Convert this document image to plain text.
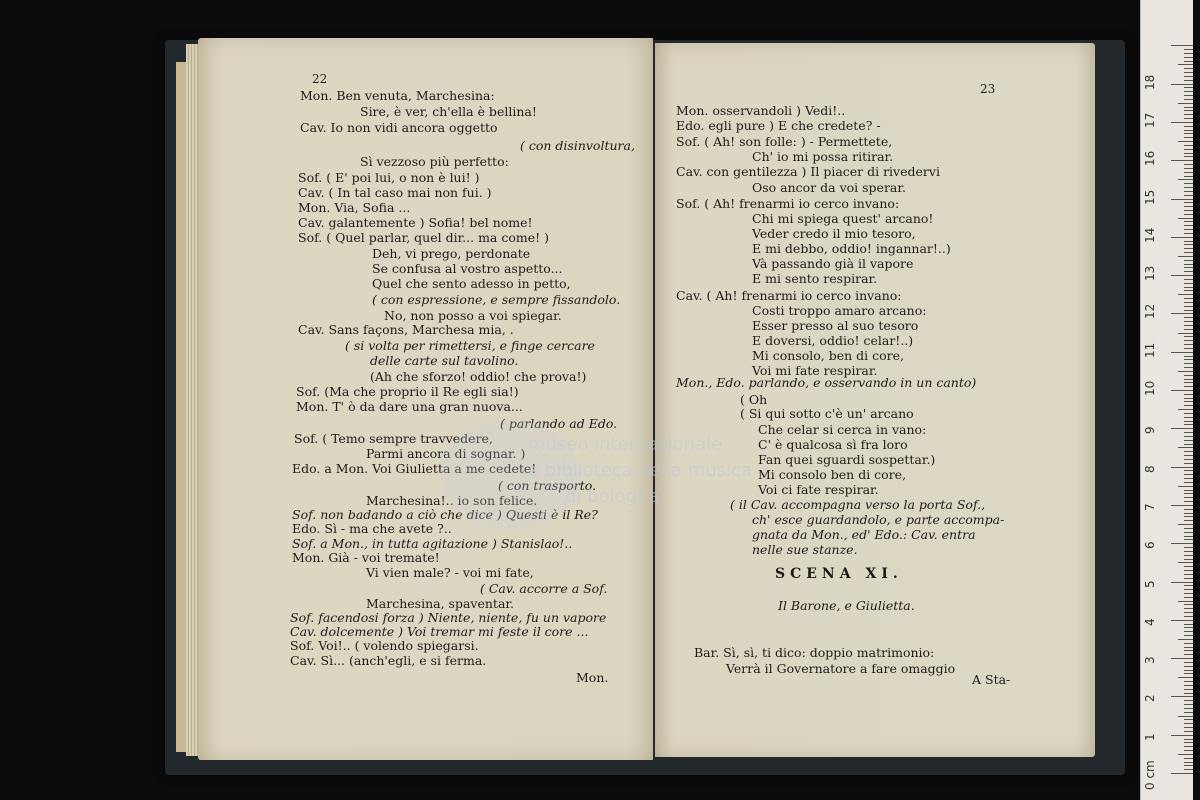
22
23
Mon. Ben venuta, Marchesina:
Sire, è ver, ch'ella è bellina!
Cav. Io non vidi ancora oggetto
( con disinvoltura,
Sì vezzoso più perfetto:
Sof. ( E' poi lui, o non è lui! )
Cav. ( In tal caso mai non fui. )
Mon. Via, Sofia ...
Cav. galantemente ) Sofia! bel nome!
Sof. ( Quel parlar, quel dir... ma come! )
Deh, vi prego, perdonate
Se confusa al vostro aspetto...
Quel che sento adesso in petto,
( con espressione, e sempre fissandolo.
No, non posso a voi spiegar.
Cav. Sans façons, Marchesa mia, .
( si volta per rimettersi, e finge cercare
delle carte sul tavolino.
(Ah che sforzo! oddio! che prova!)
Sof. (Ma che proprio il Re egli sia!)
Mon. T' ò da dare una gran nuova...
( parlando ad Edo.
Sof. ( Temo sempre travvedere,
Parmi ancora di sognar. )
Edo. a Mon. Voi Giulietta a me cedete!
( con trasporto.
Marchesina!.. io son felice.
Sof. non badando a ciò che dice ) Questi è il Re?
Edo. Sì - ma che avete ?..
Sof. a Mon., in tutta agitazione ) Stanislao!..
Mon. Già - voi tremate!
Vi vien male? - voi mi fate,
( Cav. accorre a Sof.
Marchesina, spaventar.
Sof. facendosi forza ) Niente, niente, fu un vapore
Cav. dolcemente ) Voi tremar mi feste il core ...
Sof. Voi!.. ( volendo spiegarsi.
Cav. Sì... (anch'egli, e si ferma.
Mon.
Mon. osservandoli ) Vedi!..
Edo. egli pure ) E che credete? -
Sof. ( Ah! son folle: ) - Permettete,
Ch' io mi possa ritirar.
Cav. con gentilezza ) Il piacer di rivedervi
Oso ancor da voi sperar.
Sof. ( Ah! frenarmi io cerco invano:
Chi mi spiega quest' arcano!
Veder credo il mio tesoro,
E mi debbo, oddio! ingannar!..)
Và passando già il vapore
E mi sento respirar.
Cav. ( Ah! frenarmi io cerco invano:
Costi troppo amaro arcano:
Esser presso al suo tesoro
E doversi, oddio! celar!..)
Mi consolo, ben di core,
Voi mi fate respirar.
Mon., Edo. parlando, e osservando in un canto)
( Oh
( Si qui sotto c'è un' arcano
Che celar si cerca in vano:
C' è qualcosa sì fra loro
Fan quei sguardi sospettar.)
Mi consolo ben di core,
Voi ci fate respirar.
( il Cav. accompagna verso la porta Sof.,
ch' esce guardandolo, e parte accompa-
gnata da Mon., ed' Edo.: Cav. entra
nelle sue stanze.
Il Barone, e Giulietta.
Bar. Sì, sì, ti dico: doppio matrimonio:
Verrà il Governatore a fare omaggio
A Sta-
SCENA XI.
museo internazionale
e biblioteca della musica
di bologna
0 cm
1
2
3
4
5
6
7
8
9
10
11
12
13
14
15
16
17
18
